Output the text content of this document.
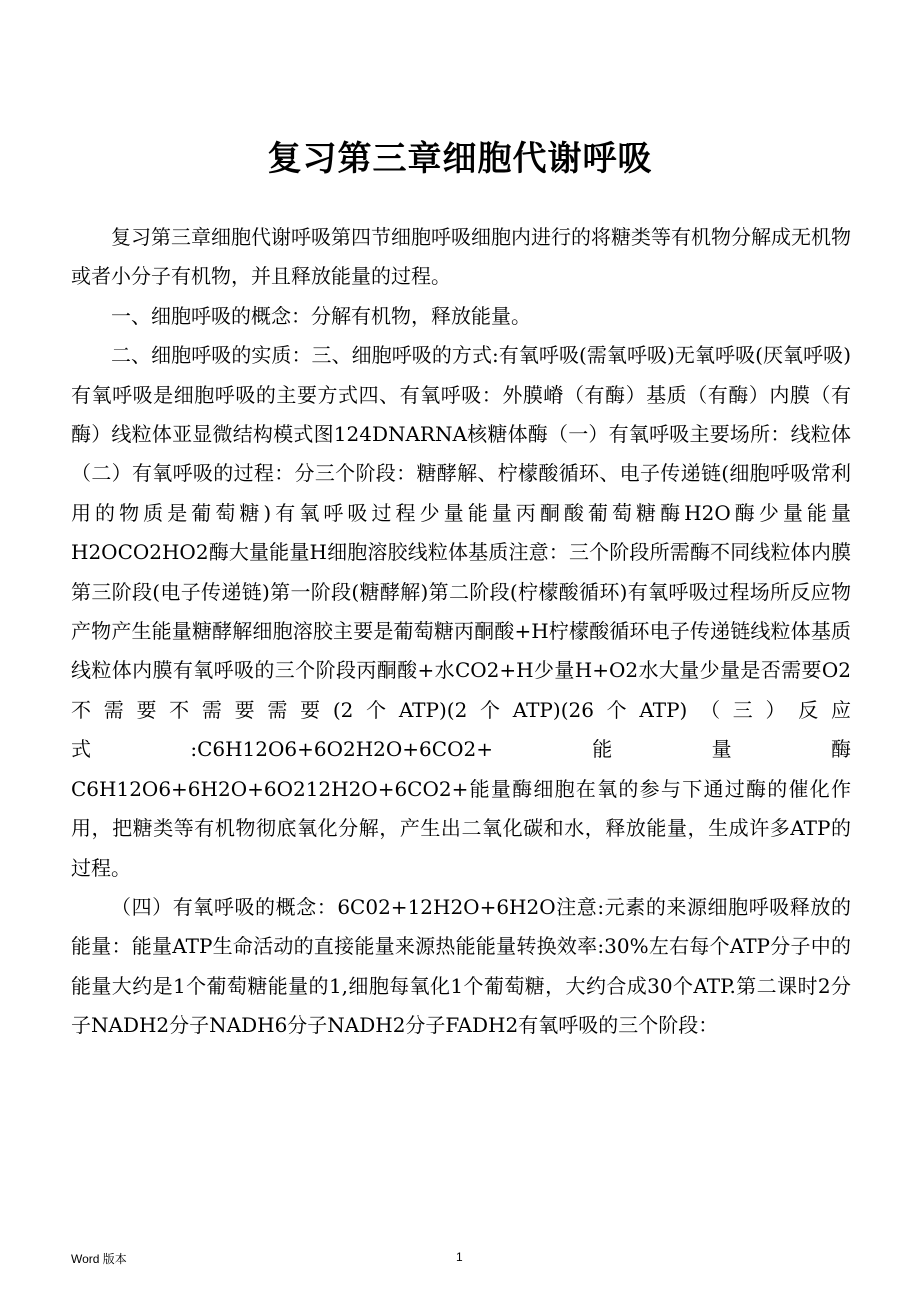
复习第三章细胞代谢呼吸

复习第三章细胞代谢呼吸第四节细胞呼吸细胞内进行的将糖类等有机物分解成无机物或者小分子有机物，并且释放能量的过程。

一、细胞呼吸的概念：分解有机物，释放能量。

二、细胞呼吸的实质：三、细胞呼吸的方式:有氧呼吸(需氧呼吸)无氧呼吸(厌氧呼吸)有氧呼吸是细胞呼吸的主要方式四、有氧呼吸：外膜嵴（有酶）基质（有酶）内膜（有酶）线粒体亚显微结构模式图124DNARNA核糖体酶（一）有氧呼吸主要场所：线粒体（二）有氧呼吸的过程：分三个阶段：糖酵解、柠檬酸循环、电子传递链(细胞呼吸常利用的物质是葡萄糖)有氧呼吸过程少量能量丙酮酸葡萄糖酶H2O酶少量能量H2OCO2HO2酶大量能量H细胞溶胶线粒体基质注意：三个阶段所需酶不同线粒体内膜第三阶段(电子传递链)第一阶段(糖酵解)第二阶段(柠檬酸循环)有氧呼吸过程场所反应物产物产生能量糖酵解细胞溶胶主要是葡萄糖丙酮酸+H柠檬酸循环电子传递链线粒体基质线粒体内膜有氧呼吸的三个阶段丙酮酸+水CO2+H少量H+O2水大量少量是否需要O2不需要不需要需要(2个ATP)(2个ATP)(26个ATP)（三）反应式:C6H12O6+6O2H2O+6CO2+能量酶C6H12O6+6H2O+6O212H2O+6CO2+能量酶细胞在氧的参与下通过酶的催化作用，把糖类等有机物彻底氧化分解，产生出二氧化碳和水，释放能量，生成许多ATP的过程。

（四）有氧呼吸的概念：6C02+12H2O+6H2O注意:元素的来源细胞呼吸释放的能量：能量ATP生命活动的直接能量来源热能能量转换效率:30%左右每个ATP分子中的能量大约是1个葡萄糖能量的1,细胞每氧化1个葡萄糖，大约合成30个ATP.第二课时2分子NADH2分子NADH6分子NADH2分子FADH2有氧呼吸的三个阶段：

Word 版本	1
